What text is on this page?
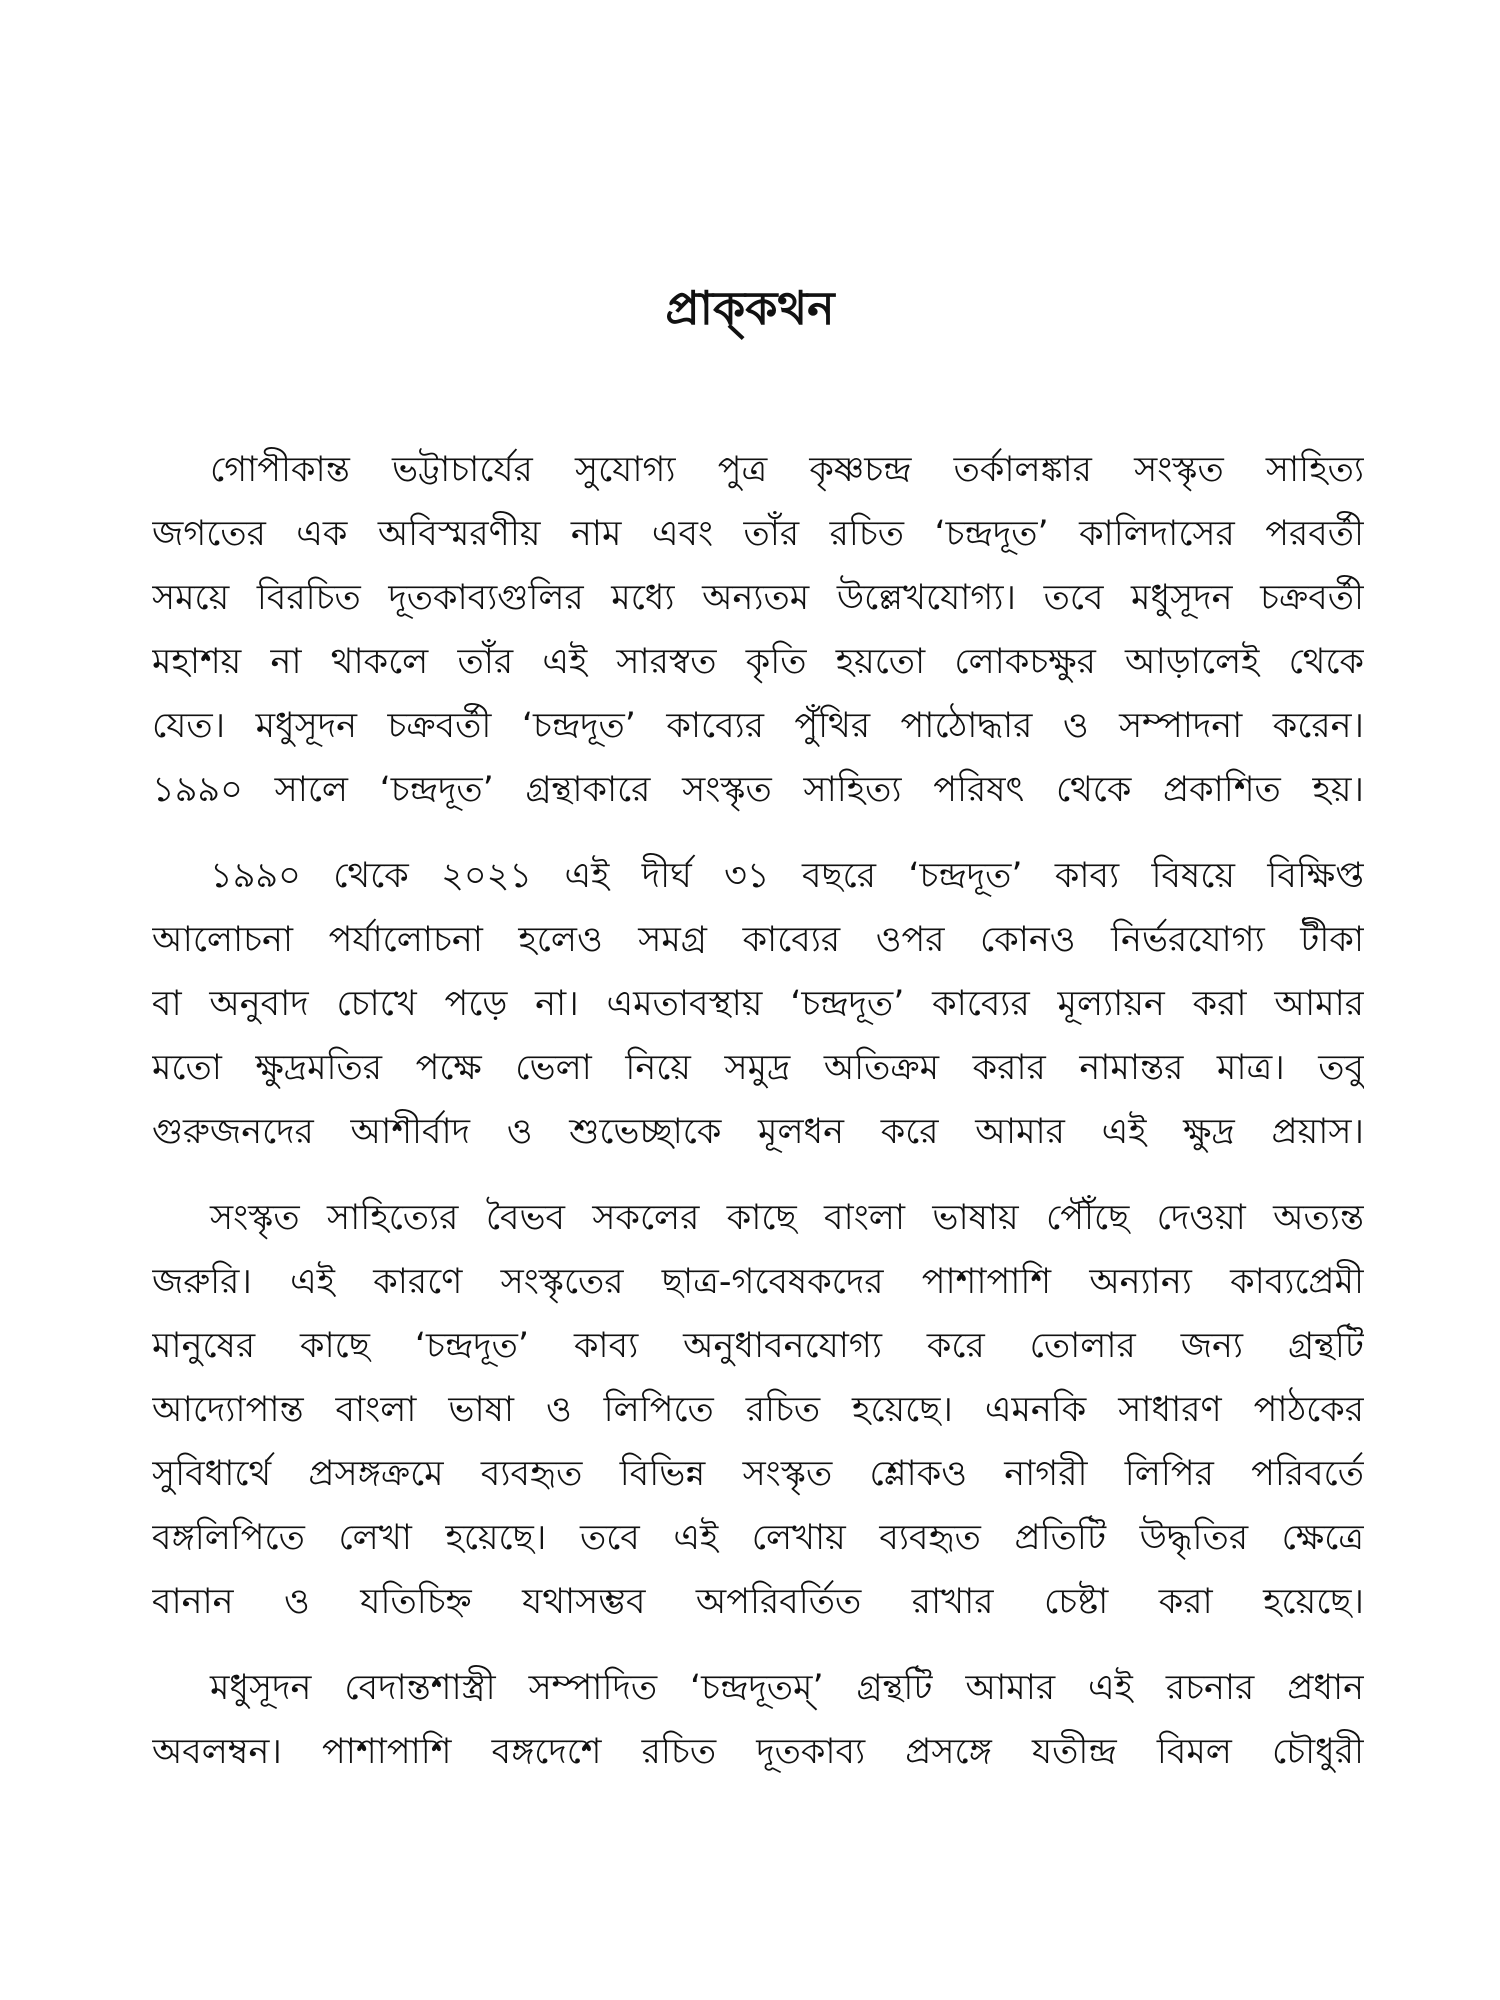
প্রাক্‌কথন

গোপীকান্ত ভট্টাচার্যের সুযোগ্য পুত্র কৃষ্ণচন্দ্র তর্কালঙ্কার সংস্কৃত সাহিত্য
জগতের এক অবিস্মরণীয় নাম এবং তাঁর রচিত ‘চন্দ্রদূত’ কালিদাসের পরবর্তী
সময়ে বিরচিত দূতকাব্যগুলির মধ্যে অন্যতম উল্লেখযোগ্য। তবে মধুসূদন চক্রবর্তী
মহাশয় না থাকলে তাঁর এই সারস্বত কৃতি হয়তো লোকচক্ষুর আড়ালেই থেকে
যেত। মধুসূদন চক্রবর্তী ‘চন্দ্রদূত’ কাব্যের পুঁথির পাঠোদ্ধার ও সম্পাদনা করেন।
১৯৯০ সালে ‘চন্দ্রদূত’ গ্রন্থাকারে সংস্কৃত সাহিত্য পরিষৎ থেকে প্রকাশিত হয়।

১৯৯০ থেকে ২০২১ এই দীর্ঘ ৩১ বছরে ‘চন্দ্রদূত’ কাব্য বিষয়ে বিক্ষিপ্ত
আলোচনা পর্যালোচনা হলেও সমগ্র কাব্যের ওপর কোনও নির্ভরযোগ্য টীকা
বা অনুবাদ চোখে পড়ে না। এমতাবস্থায় ‘চন্দ্রদূত’ কাব্যের মূল্যায়ন করা আমার
মতো ক্ষুদ্রমতির পক্ষে ভেলা নিয়ে সমুদ্র অতিক্রম করার নামান্তর মাত্র। তবু
গুরুজনদের আশীর্বাদ ও শুভেচ্ছাকে মূলধন করে আমার এই ক্ষুদ্র প্রয়াস।

সংস্কৃত সাহিত্যের বৈভব সকলের কাছে বাংলা ভাষায় পৌঁছে দেওয়া অত্যন্ত
জরুরি। এই কারণে সংস্কৃতের ছাত্র-গবেষকদের পাশাপাশি অন্যান্য কাব্যপ্রেমী
মানুষের কাছে ‘চন্দ্রদূত’ কাব্য অনুধাবনযোগ্য করে তোলার জন্য গ্রন্থটি
আদ্যোপান্ত বাংলা ভাষা ও লিপিতে রচিত হয়েছে। এমনকি সাধারণ পাঠকের
সুবিধার্থে প্রসঙ্গক্রমে ব্যবহৃত বিভিন্ন সংস্কৃত শ্লোকও নাগরী লিপির পরিবর্তে
বঙ্গলিপিতে লেখা হয়েছে। তবে এই লেখায় ব্যবহৃত প্রতিটি উদ্ধৃতির ক্ষেত্রে
বানান ও যতিচিহ্ন যথাসম্ভব অপরিবর্তিত রাখার চেষ্টা করা হয়েছে।

মধুসূদন বেদান্তশাস্ত্রী সম্পাদিত ‘চন্দ্রদূতম্’ গ্রন্থটি আমার এই রচনার প্রধান
অবলম্বন। পাশাপাশি বঙ্গদেশে রচিত দূতকাব্য প্রসঙ্গে যতীন্দ্র বিমল চৌধুরী
